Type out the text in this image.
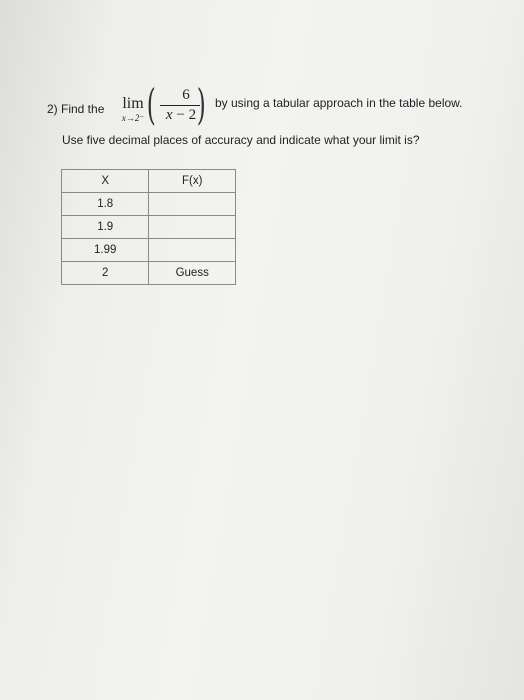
2) Find the lim
x→2⁻ (	6
x − 2 ) by using a tabular approach in the table below.
Use five decimal places of accuracy and indicate what your limit is?
X	F(x)
1.8	
1.9	
1.99	
2	Guess
